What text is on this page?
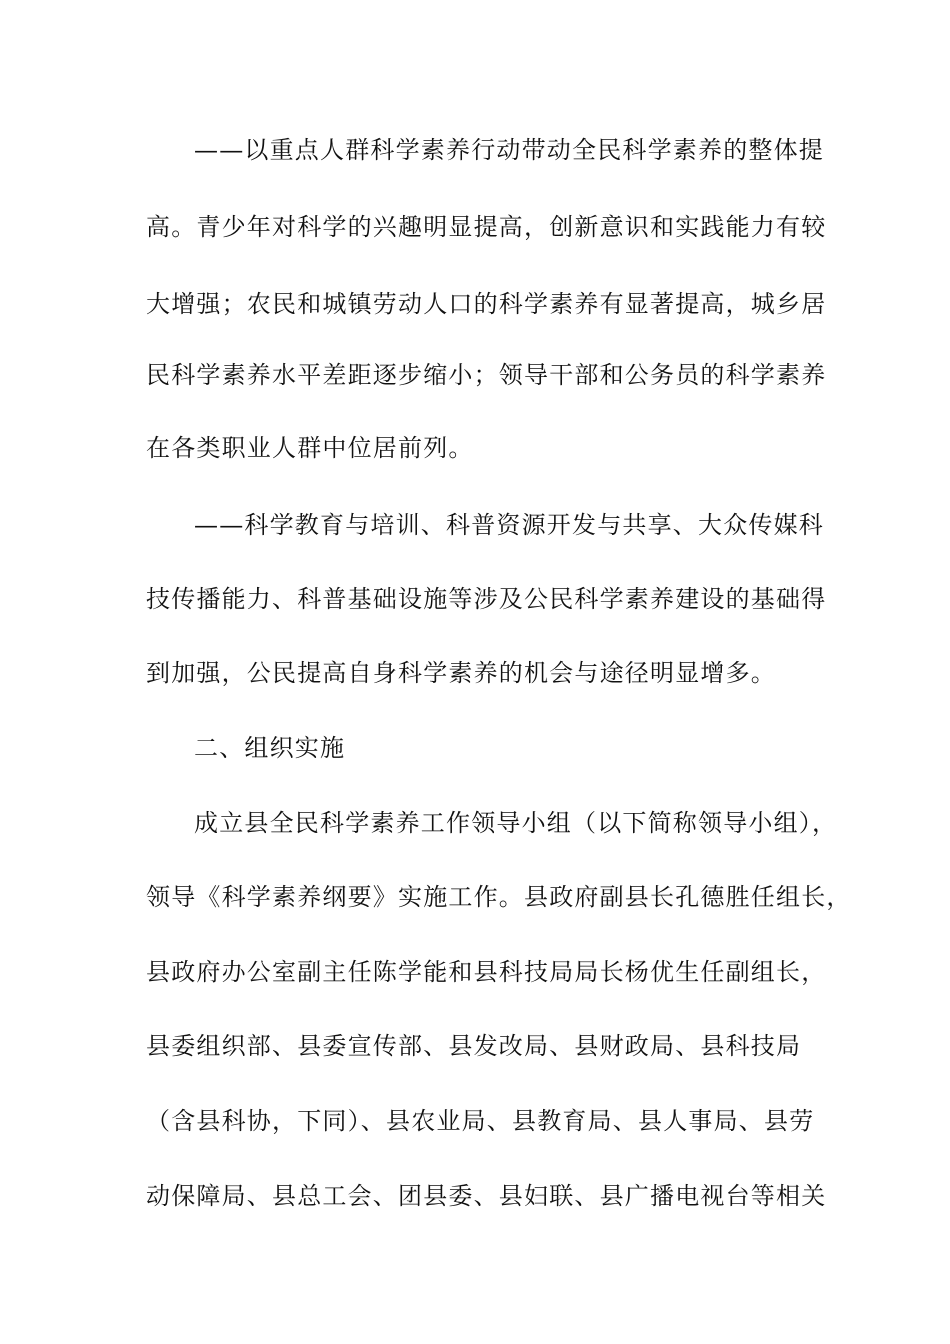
——以重点人群科学素养行动带动全民科学素养的整体提
高。青少年对科学的兴趣明显提高，创新意识和实践能力有较
大增强；农民和城镇劳动人口的科学素养有显著提高，城乡居
民科学素养水平差距逐步缩小；领导干部和公务员的科学素养
在各类职业人群中位居前列。
——科学教育与培训、科普资源开发与共享、大众传媒科
技传播能力、科普基础设施等涉及公民科学素养建设的基础得
到加强，公民提高自身科学素养的机会与途径明显增多。
二、组织实施
成立县全民科学素养工作领导小组（以下简称领导小组），
领导《科学素养纲要》实施工作。县政府副县长孔德胜任组长，
县政府办公室副主任陈学能和县科技局局长杨优生任副组长，
县委组织部、县委宣传部、县发改局、县财政局、县科技局
（含县科协，下同）、县农业局、县教育局、县人事局、县劳
动保障局、县总工会、团县委、县妇联、县广播电视台等相关
